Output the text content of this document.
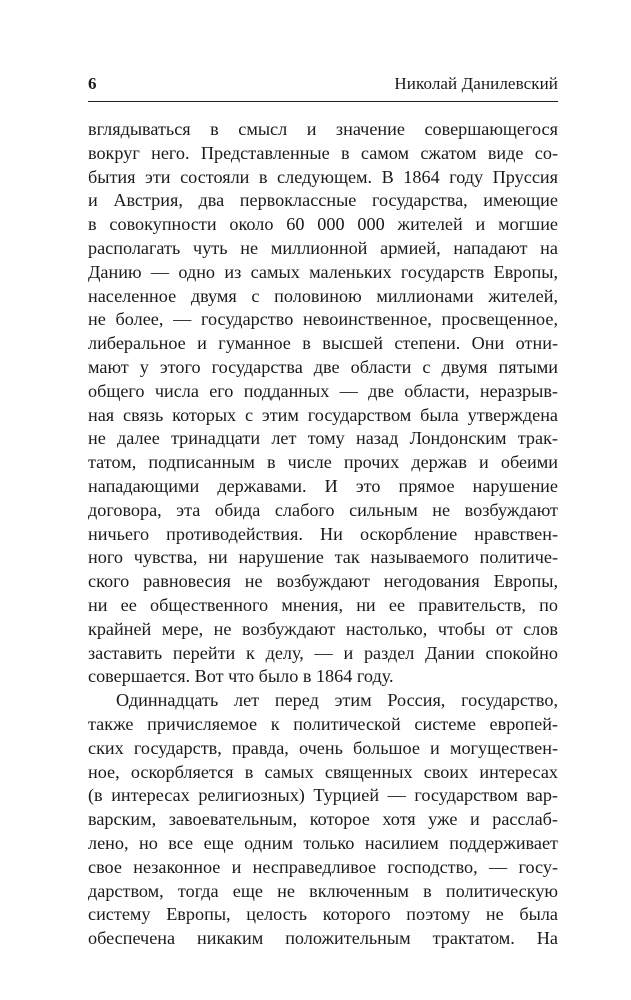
6	Николай Данилевский
вглядываться в смысл и значение совершающегося
вокруг него. Представленные в самом сжатом виде со-
бытия эти состояли в следующем. В 1864 году Пруссия
и Австрия, два первоклассные государства, имеющие
в совокупности около 60 000 000 жителей и могшие
располагать чуть не миллионной армией, нападают на
Данию — одно из самых маленьких государств Европы,
населенное двумя с половиною миллионами жителей,
не более, — государство невоинственное, просвещенное,
либеральное и гуманное в высшей степени. Они отни-
мают у этого государства две области с двумя пятыми
общего числа его подданных — две области, неразрыв-
ная связь которых с этим государством была утверждена
не далее тринадцати лет тому назад Лондонским трак-
татом, подписанным в числе прочих держав и обеими
нападающими державами. И это прямое нарушение
договора, эта обида слабого сильным не возбуждают
ничьего противодействия. Ни оскорбление нравствен-
ного чувства, ни нарушение так называемого политиче-
ского равновесия не возбуждают негодования Европы,
ни ее общественного мнения, ни ее правительств, по
крайней мере, не возбуждают настолько, чтобы от слов
заставить перейти к делу, — и раздел Дании спокойно
совершается. Вот что было в 1864 году.
Одиннадцать лет перед этим Россия, государство,
также причисляемое к политической системе европей-
ских государств, правда, очень большое и могуществен-
ное, оскорбляется в самых священных своих интересах
(в интересах религиозных) Турцией — государством вар-
варским, завоевательным, которое хотя уже и расслаб-
лено, но все еще одним только насилием поддерживает
свое незаконное и несправедливое господство, — госу-
дарством, тогда еще не включенным в политическую
систему Европы, целость которого поэтому не была
обеспечена никаким положительным трактатом. На
